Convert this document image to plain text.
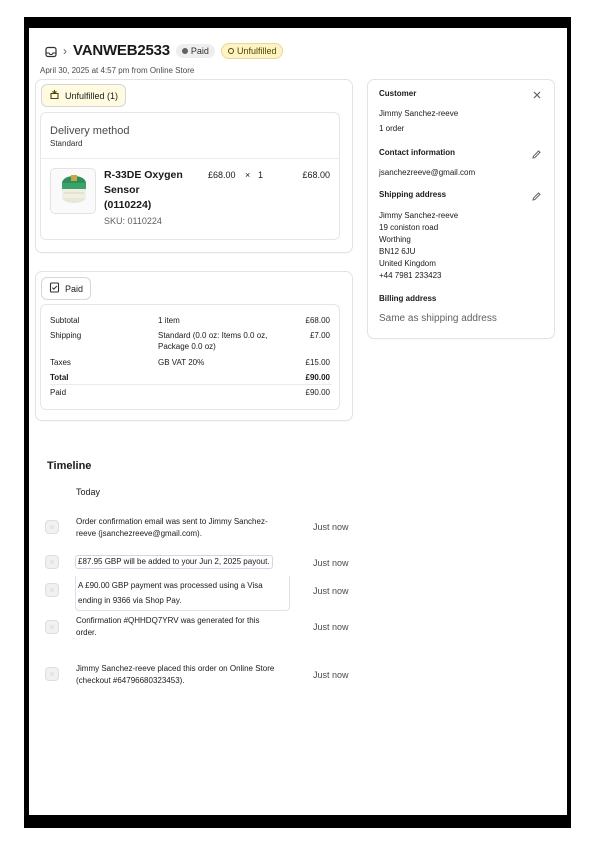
› VANWEB2533 Paid	Unfulfilled
April 30, 2025 at 4:57 pm from Online Store
Unfulfilled (1)
Delivery method
Standard
R-33DE Oxygen
Sensor
(0110224)
SKU: 0110224
£68.00 × 1	£68.00
Paid
Subtotal	1 item	£68.00
Shipping	Standard (0.0 oz: Items 0.0 oz,
Package 0.0 oz)
£7.00
Taxes	GB VAT 20%	£15.00
Total	£90.00
Paid	£90.00
Timeline
Today
Order confirmation email was sent to Jimmy Sanchez-
reeve (jsanchezreeve@gmail.com).
Just now
£87.95 GBP will be added to your Jun 2, 2025 payout.	Just now
A £90.00 GBP payment was processed using a Visa
ending in 9366 via Shop Pay.
Just now
Confirmation #QHHDQ7YRV was generated for this
order.
Just now
Jimmy Sanchez-reeve placed this order on Online Store
(checkout #64796680323453).
Just now
Customer
Jimmy Sanchez-reeve
1 order
Contact information
jsanchezreeve@gmail.com
Shipping address
Jimmy Sanchez-reeve
19 coniston road
Worthing
BN12 6JU
United Kingdom
+44 7981 233423
Billing address
Same as shipping address
